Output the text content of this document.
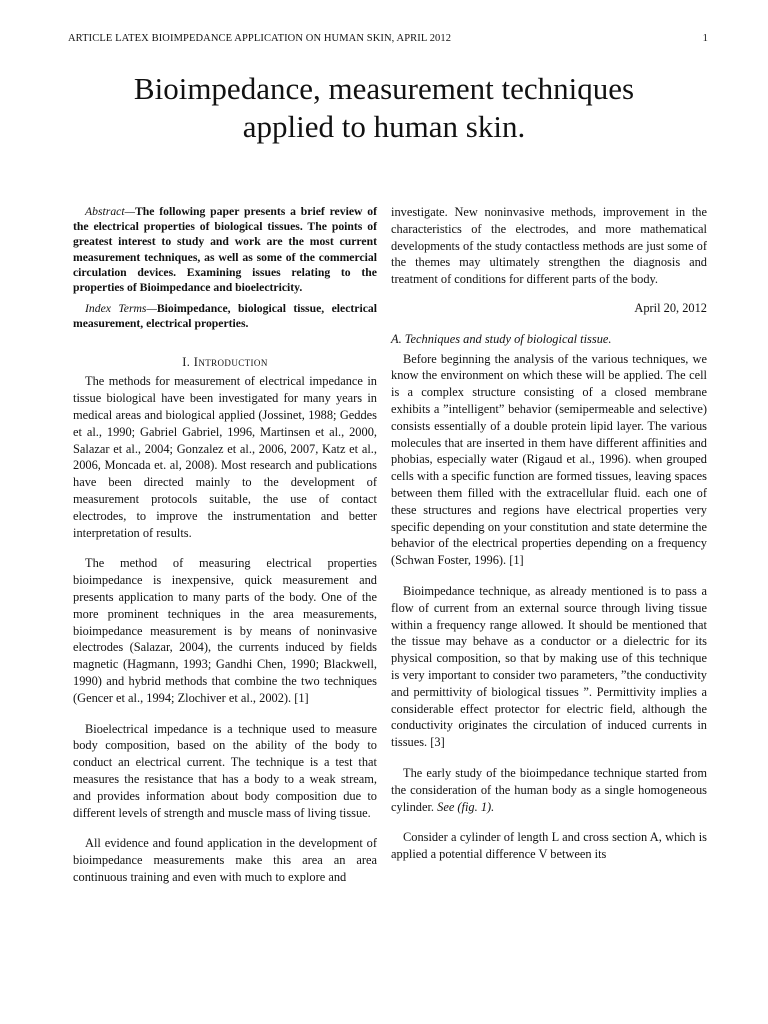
ARTICLE LATEX BIOIMPEDANCE APPLICATION ON HUMAN SKIN, APRIL 2012	1
Bioimpedance, measurement techniques
applied to human skin.

Abstract—The following paper presents a brief review of the electrical properties of biological tissues. The points of greatest interest to study and work are the most current measurement techniques, as well as some of the commercial circulation devices. Examining issues relating to the properties of Bioimpedance and bioelectricity.

Index Terms—Bioimpedance, biological tissue, electrical measurement, electrical properties.

I. Introduction

The methods for measurement of electrical impedance in tissue biological have been investigated for many years in medical areas and biological applied (Jossinet, 1988; Geddes et al., 1990; Gabriel Gabriel, 1996, Martinsen et al., 2000, Salazar et al., 2004; Gonzalez et al., 2006, 2007, Katz et al., 2006, Moncada et. al, 2008). Most research and publications have been directed mainly to the development of measurement protocols suitable, the use of contact electrodes, to improve the instrumentation and better interpretation of results.

The method of measuring electrical properties bioimpedance is inexpensive, quick measurement and presents application to many parts of the body. One of the more prominent techniques in the area measurements, bioimpedance measurement is by means of noninvasive electrodes (Salazar, 2004), the currents induced by fields magnetic (Hagmann, 1993; Gandhi Chen, 1990; Blackwell, 1990) and hybrid methods that combine the two techniques (Gencer et al., 1994; Zlochiver et al., 2002). [1]

Bioelectrical impedance is a technique used to measure body composition, based on the ability of the body to conduct an electrical current. The technique is a test that measures the resistance that has a body to a weak stream, and provides information about body composition due to different levels of strength and muscle mass of living tissue.

All evidence and found application in the development of bioimpedance measurements make this area an area continuous training and even with much to explore and

investigate. New noninvasive methods, improvement in the characteristics of the electrodes, and more mathematical developments of the study contactless methods are just some of the themes may ultimately strengthen the diagnosis and treatment of conditions for different parts of the body.

April 20, 2012

A. Techniques and study of biological tissue.

Before beginning the analysis of the various techniques, we know the environment on which these will be applied. The cell is a complex structure consisting of a closed membrane exhibits a ”intelligent” behavior (semipermeable and selective) consists essentially of a double protein lipid layer. The various molecules that are inserted in them have different affinities and phobias, especially water (Rigaud et al., 1996). when grouped cells with a specific function are formed tissues, leaving spaces between them filled with the extracellular fluid. each one of these structures and regions have electrical properties very specific depending on your constitution and state determine the behavior of the electrical properties depending on a frequency (Schwan Foster, 1996). [1]

Bioimpedance technique, as already mentioned is to pass a flow of current from an external source through living tissue within a frequency range allowed. It should be mentioned that the tissue may behave as a conductor or a dielectric for its physical composition, so that by making use of this technique is very important to consider two parameters, ”the conductivity and permittivity of biological tissues ”. Permittivity implies a considerable effect protector for electric field, although the conductivity originates the circulation of induced currents in tissues. [3]

The early study of the bioimpedance technique started from the consideration of the human body as a single homogeneous cylinder. See (fig. 1).

Consider a cylinder of length L and cross section A, which is applied a potential difference V between its
